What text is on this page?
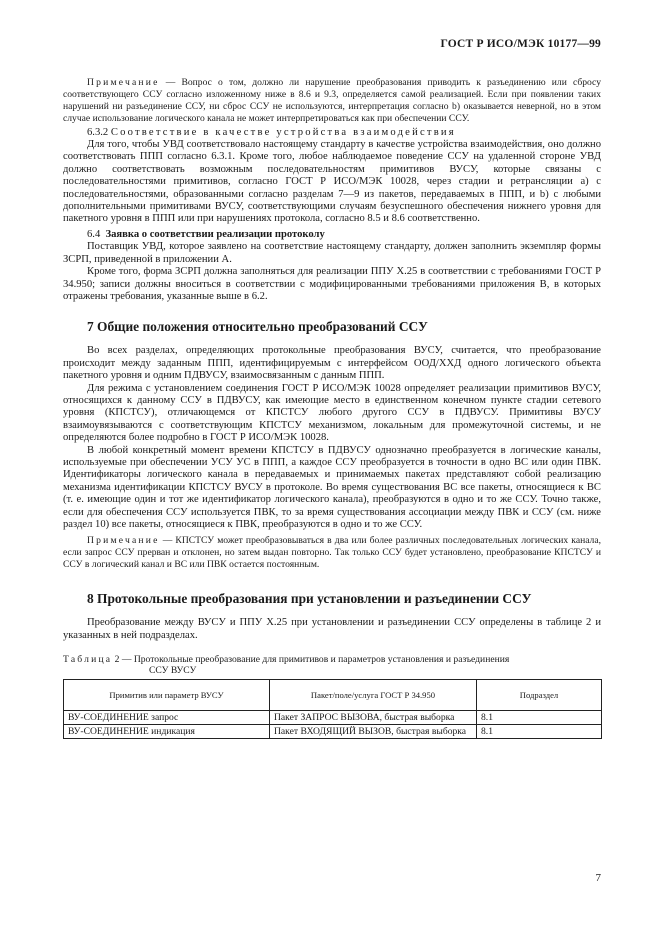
ГОСТ Р ИСО/МЭК 10177—99

Примечание — Вопрос о том, должно ли нарушение преобразования приводить к разъединению или сбросу соответствующего ССУ согласно изложенному ниже в 8.6 и 9.3, определяется самой реализацией. Если при появлении таких нарушений ни разъединение ССУ, ни сброс ССУ не используются, интерпретация согласно b) оказывается неверной, но в этом случае использование логического канала не может интерпретироваться как при обеспечении ССУ.

6.3.2 Соответствие в качестве устройства взаимодействия

Для того, чтобы УВД соответствовало настоящему стандарту в качестве устройства взаимодействия, оно должно соответствовать ППП согласно 6.3.1. Кроме того, любое наблюдаемое поведение ССУ на удаленной стороне УВД должно соответствовать возможным последовательностям примитивов ВУСУ, которые связаны с последовательностями примитивов, согласно ГОСТ Р ИСО/МЭК 10028, через стадии и ретрансляции а) с последовательностями, образованными согласно разделам 7—9 из пакетов, передаваемых в ППП, и b) с любыми дополнительными примитивами ВУСУ, соответствующими случаям безуспешного обеспечения нижнего уровня для пакетного уровня в ППП или при нарушениях протокола, согласно 8.5 и 8.6 соответственно.

6.4 Заявка о соответствии реализации протоколу

Поставщик УВД, которое заявлено на соответствие настоящему стандарту, должен заполнить экземпляр формы ЗСРП, приведенной в приложении А.

Кроме того, форма ЗСРП должна заполняться для реализации ППУ Х.25 в соответствии с требованиями ГОСТ Р 34.950; записи должны вноситься в соответствии с модифицированными требованиями приложения В, в которых отражены требования, указанные выше в 6.2.

7 Общие положения относительно преобразований ССУ

Во всех разделах, определяющих протокольные преобразования ВУСУ, считается, что преобразование происходит между заданным ППП, идентифицируемым с интерфейсом ООД/ХХД одного логического объекта пакетного уровня и одним ПДВУСУ, взаимосвязанным с данным ППП.

Для режима с установлением соединения ГОСТ Р ИСО/МЭК 10028 определяет реализации примитивов ВУСУ, относящихся к данному ССУ в ПДВУСУ, как имеющие место в единственном конечном пункте стадии сетевого уровня (КПСТСУ), отличающемся от КПСТСУ любого другого ССУ в ПДВУСУ. Примитивы ВУСУ взаимоувязываются с соответствующим КПСТСУ механизмом, локальным для промежуточной системы, и не определяются более подробно в ГОСТ Р ИСО/МЭК 10028.

В любой конкретный момент времени КПСТСУ в ПДВУСУ однозначно преобразуется в логические каналы, используемые при обеспечении УСУ УС в ППП, а каждое ССУ преобразуется в точности в одно ВС или один ПВК. Идентификаторы логического канала в передаваемых и принимаемых пакетах представляют собой реализацию механизма идентификации КПСТСУ ВУСУ в протоколе. Во время существования ВС все пакеты, относящиеся к ВС (т. е. имеющие один и тот же идентификатор логического канала), преобразуются в одно и то же ССУ. Точно также, если для обеспечения ССУ используется ПВК, то за время существования ассоциации между ПВК и ССУ (см. ниже раздел 10) все пакеты, относящиеся к ПВК, преобразуются в одно и то же ССУ.

Примечание — КПСТСУ может преобразовываться в два или более различных последовательных логических канала, если запрос ССУ прерван и отклонен, но затем выдан повторно. Так только ССУ будет установлено, преобразование КПСТСУ и ССУ в логический канал и ВС или ПВК остается постоянным.

8 Протокольные преобразования при установлении и разъединении ССУ

Преобразование между ВУСУ и ППУ Х.25 при установлении и разъединении ССУ определены в таблице 2 и указанных в ней подразделах.

Таблица 2 — Протокольные преобразование для примитивов и параметров установления и разъединения
ССУ ВУСУ
Примитив или параметр ВУСУ	Пакет/поле/услуга ГОСТ Р 34.950	Подраздел
ВУ-СОЕДИНЕНИЕ запрос	Пакет ЗАПРОС ВЫЗОВА, быстрая выборка	8.1
ВУ-СОЕДИНЕНИЕ индикация	Пакет ВХОДЯЩИЙ ВЫЗОВ, быстрая выборка	8.1
7
